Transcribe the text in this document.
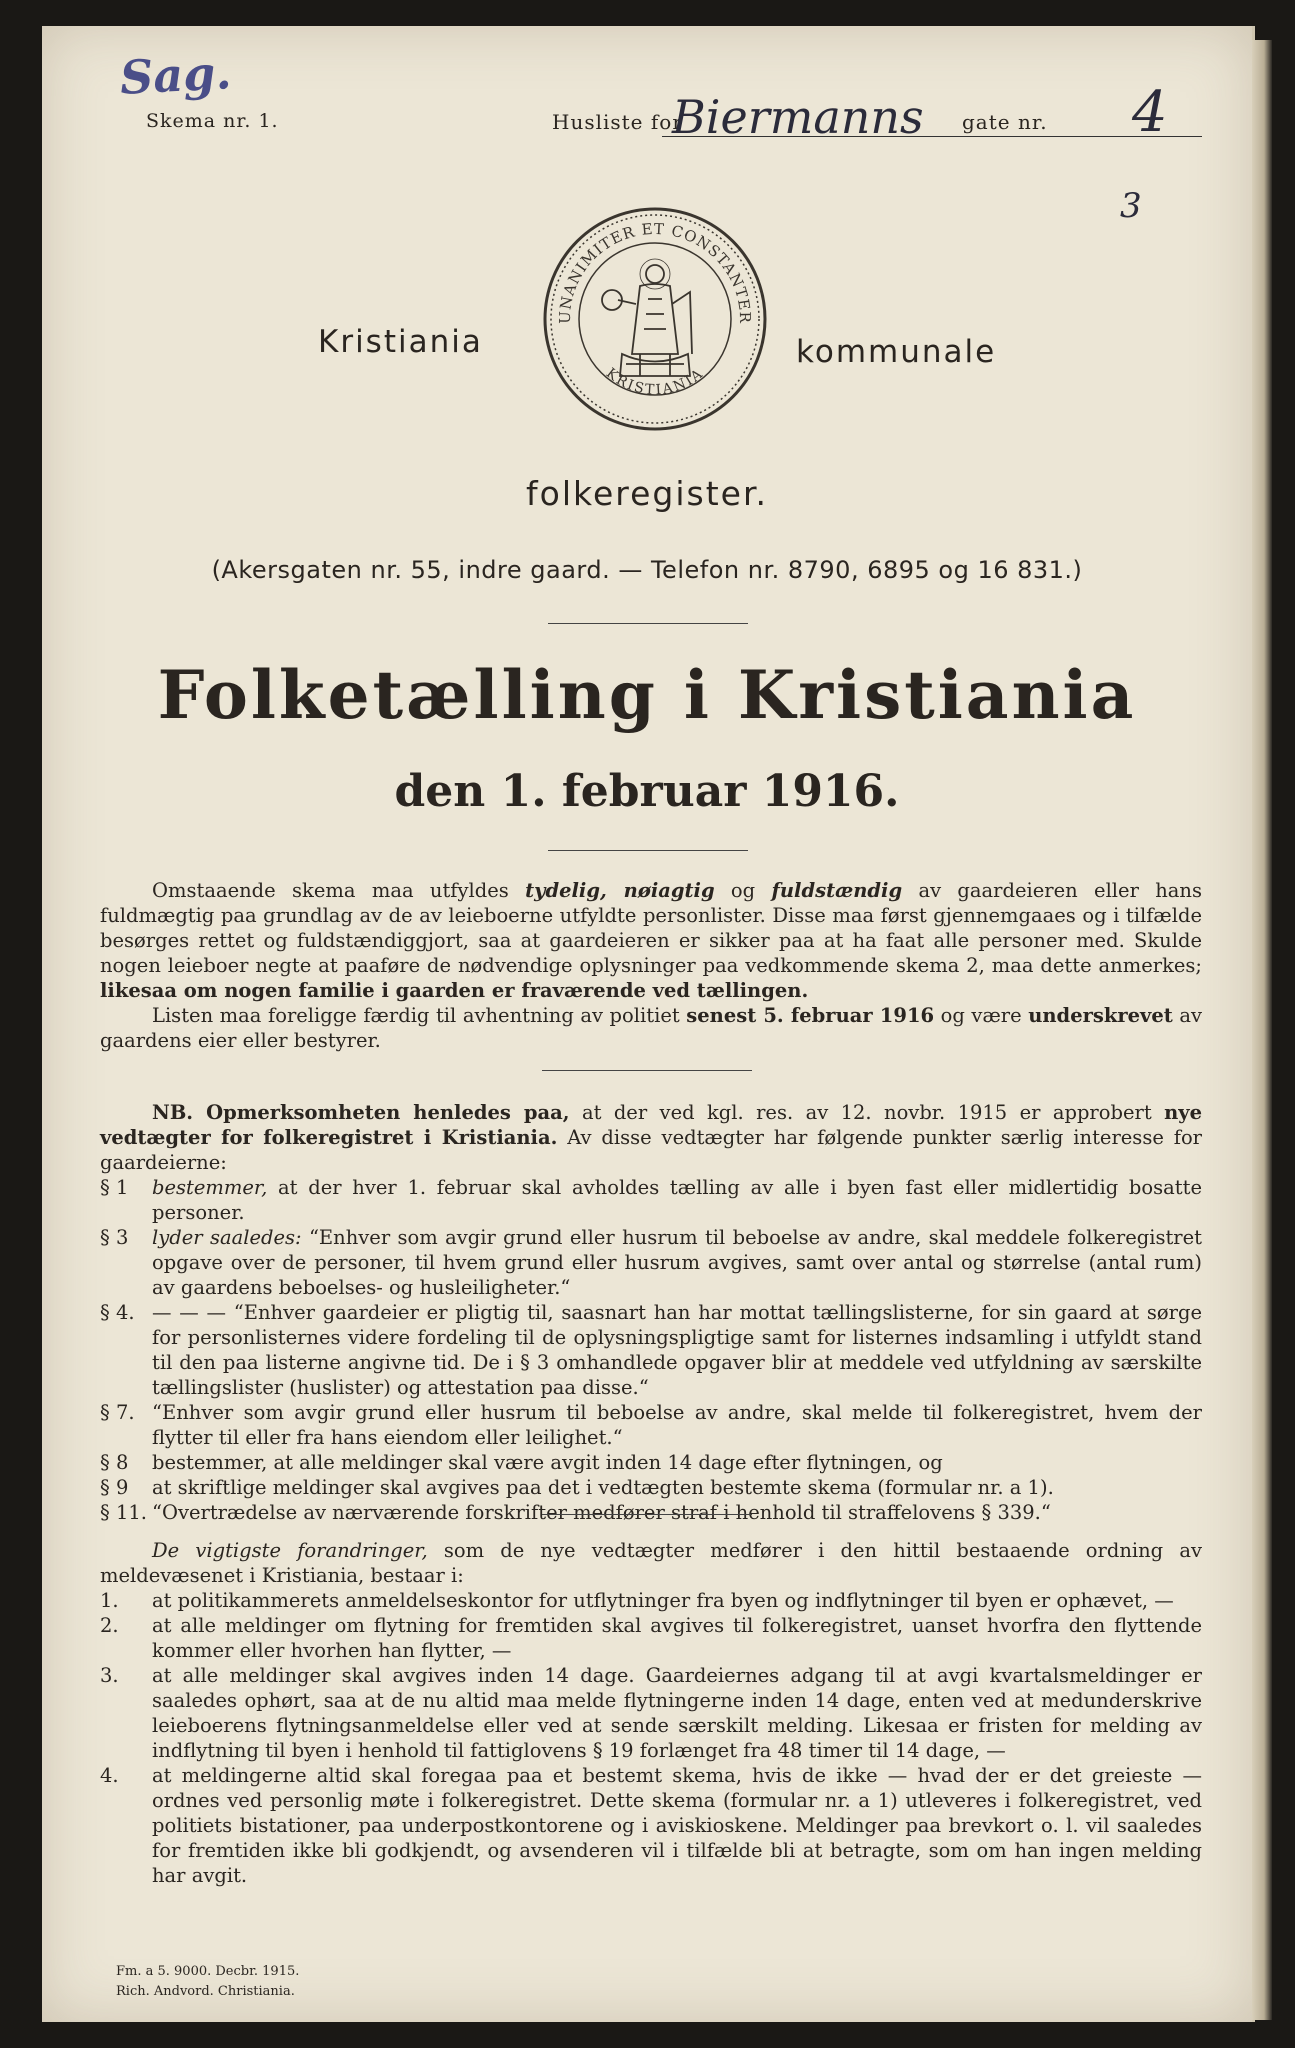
Sag.
Skema nr. 1.	Husliste for
Biermanns gate nr. 4
3
Kristiania	kommunale
UNANIMITER ET CONSTANTER
KRISTIANIA
folkeregister.
(Akersgaten nr. 55, indre gaard. — Telefon nr. 8790, 6895 og 16 831.)
Folketælling i Kristiania
den 1. februar 1916.

Omstaaende skema maa utfyldes tydelig, nøiagtig og fuldstændig av gaardeieren eller hans fuldmægtig paa grundlag av de av leieboerne utfyldte personlister. Disse maa først gjennemgaaes og i tilfælde besørges rettet og fuldstændiggjort, saa at gaardeieren er sikker paa at ha faat alle personer med. Skulde nogen leieboer negte at paaføre de nødvendige oplysninger paa vedkommende skema 2, maa dette anmerkes; likesaa om nogen familie i gaarden er fraværende ved tællingen.

Listen maa foreligge færdig til avhentning av politiet senest 5. februar 1916 og være underskrevet av gaardens eier eller bestyrer.

NB. Opmerksomheten henledes paa, at der ved kgl. res. av 12. novbr. 1915 er approbert nye vedtægter for folkeregistret i Kristiania. Av disse vedtægter har følgende punkter særlig interesse for gaardeierne:

§ 1	bestemmer, at der hver 1. februar skal avholdes tælling av alle i byen fast eller midlertidig bosatte personer.
§ 3	lyder saaledes: “Enhver som avgir grund eller husrum til beboelse av andre, skal meddele folkeregistret opgave over de personer, til hvem grund eller husrum avgives, samt over antal og størrelse (antal rum) av gaardens beboelses- og husleiligheter.“
§ 4. — — — “Enhver gaardeier er pligtig til, saasnart han har mottat tællingslisterne, for sin gaard at sørge for personlisternes videre fordeling til de oplysningspligtige samt for listernes indsamling i utfyldt stand til den paa listerne angivne tid. De i § 3 omhandlede opgaver blir at meddele ved utfyldning av særskilte tællingslister (huslister) og attestation paa disse.“
§ 7. “Enhver som avgir grund eller husrum til beboelse av andre, skal melde til folkeregistret, hvem der flytter til eller fra hans eiendom eller leilighet.“
§ 8	bestemmer, at alle meldinger skal være avgit inden 14 dage efter flytningen, og
§ 9	at skriftlige meldinger skal avgives paa det i vedtægten bestemte skema (formular nr. a 1).
§ 11. “Overtrædelse av nærværende forskrifter medfører straf i henhold til straffelovens § 339.“

De vigtigste forandringer, som de nye vedtægter medfører i den hittil bestaaende ordning av meldevæsenet i Kristiania, bestaar i:

1.	at politikammerets anmeldelseskontor for utflytninger fra byen og indflytninger til byen er ophævet, —
2.	at alle meldinger om flytning for fremtiden skal avgives til folkeregistret, uanset hvorfra den flyttende kommer eller hvorhen han flytter, —
3.	at alle meldinger skal avgives inden 14 dage. Gaardeiernes adgang til at avgi kvartalsmeldinger er saaledes ophørt, saa at de nu altid maa melde flytningerne inden 14 dage, enten ved at medunderskrive leieboerens flytningsanmeldelse eller ved at sende særskilt melding. Likesaa er fristen for melding av indflytning til byen i henhold til fattiglovens § 19 forlænget fra 48 timer til 14 dage, —
4.	at meldingerne altid skal foregaa paa et bestemt skema, hvis de ikke — hvad der er det greieste — ordnes ved personlig møte i folkeregistret. Dette skema (formular nr. a 1) utleveres i folkeregistret, ved politiets bistationer, paa underpostkontorene og i aviskioskene. Meldinger paa brevkort o. l. vil saaledes for fremtiden ikke bli godkjendt, og avsenderen vil i tilfælde bli at betragte, som om han ingen melding har avgit.
Fm. a 5. 9000. Decbr. 1915.
Rich. Andvord. Christiania.
